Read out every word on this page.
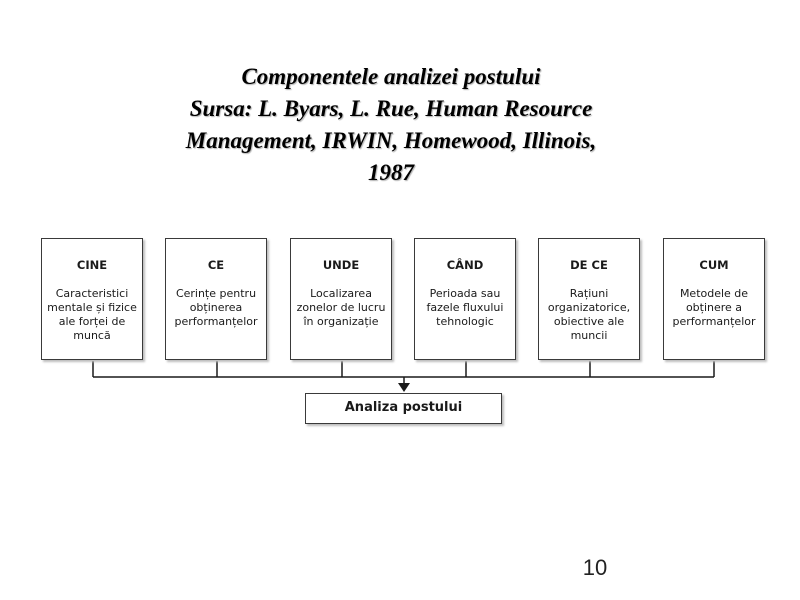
Componentele analizei postului
Sursa: L. Byars, L. Rue, Human Resource
Management, IRWIN, Homewood, Illinois,
1987
CINE
Caracteristici mentale și fizice ale forței de muncă
CE
Cerințe pentru obținerea performanțelor
UNDE
Localizarea zonelor de lucru în organizație
CÂND
Perioada sau fazele fluxului tehnologic
DE CE
Rațiuni organizatorice, obiective ale muncii
CUM
Metodele de obținere a performanțelor
Analiza postului
10
